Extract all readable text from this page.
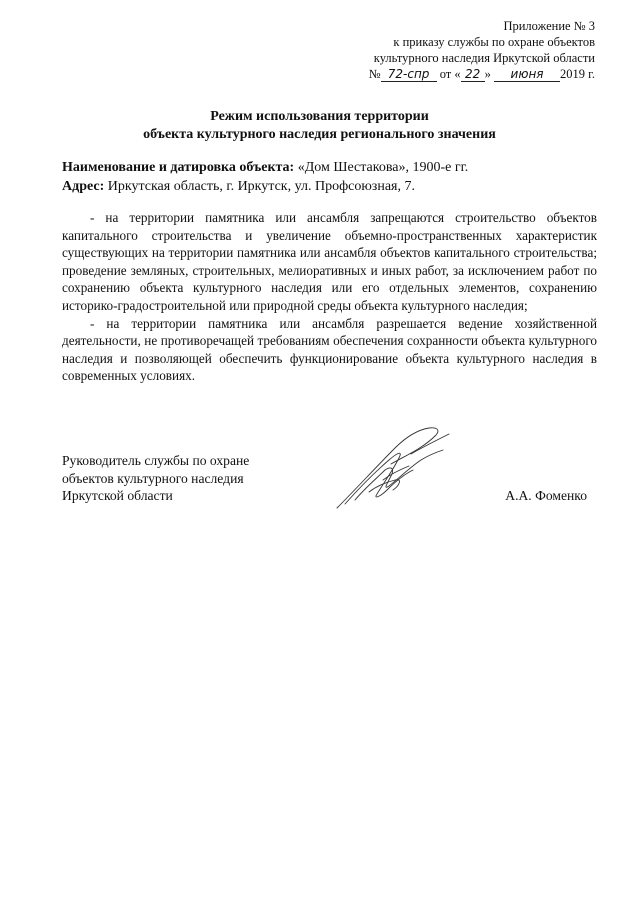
Приложение № 3
к приказу службы по охране объектов
культурного наследия Иркутской области
№ 72-спр от « 22 » июня 2019 г.
Режим использования территории
объекта культурного наследия регионального значения
Наименование и датировка объекта: «Дом Шестакова», 1900-е гг.
Адрес: Иркутская область, г. Иркутск, ул. Профсоюзная, 7.

- на территории памятника или ансамбля запрещаются строительство объектов капитального строительства и увеличение объемно-пространственных характеристик существующих на территории памятника или ансамбля объектов капитального строительства; проведение земляных, строительных, мелиоративных и иных работ, за исключением работ по сохранению объекта культурного наследия или его отдельных элементов, сохранению историко-градостроительной или природной среды объекта культурного наследия;

- на территории памятника или ансамбля разрешается ведение хозяйственной деятельности, не противоречащей требованиям обеспечения сохранности объекта культурного наследия и позволяющей обеспечить функционирование объекта культурного наследия в современных условиях.

Руководитель службы по охране
объектов культурного наследия
Иркутской области	А.А. Фоменко
